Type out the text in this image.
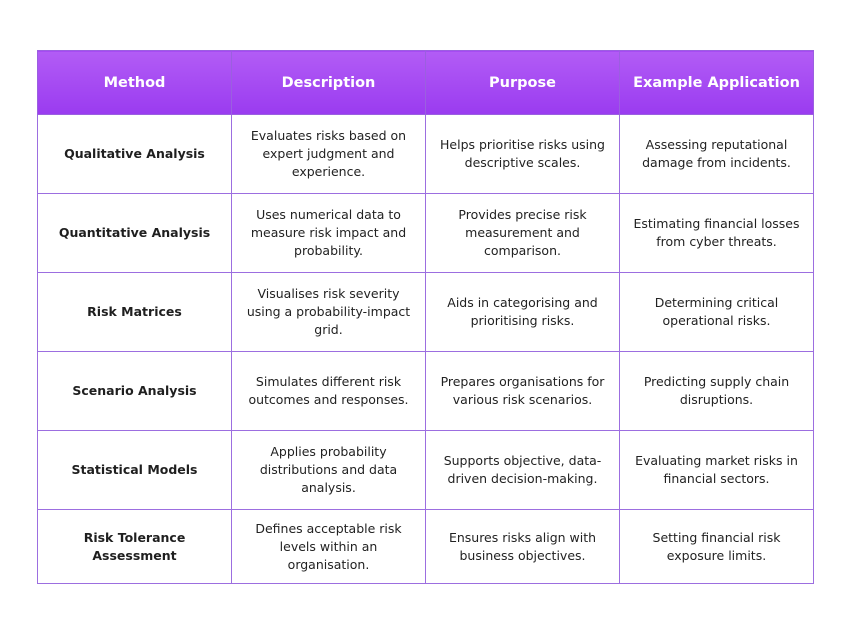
Method	Description	Purpose	Example Application
Qualitative Analysis	Evaluates risks based on expert judgment and experience.	Helps prioritise risks using descriptive scales.	Assessing reputational damage from incidents.
Quantitative Analysis	Uses numerical data to measure risk impact and probability.	Provides precise risk measurement and comparison.	Estimating financial losses from cyber threats.
Risk Matrices	Visualises risk severity using a probability-impact grid.	Aids in categorising and prioritising risks.	Determining critical operational risks.
Scenario Analysis	Simulates different risk outcomes and responses.	Prepares organisations for various risk scenarios.	Predicting supply chain disruptions.
Statistical Models	Applies probability distributions and data analysis.	Supports objective, data-driven decision-making.	Evaluating market risks in financial sectors.
Risk Tolerance Assessment	Defines acceptable risk levels within an organisation.	Ensures risks align with business objectives.	Setting financial risk exposure limits.
